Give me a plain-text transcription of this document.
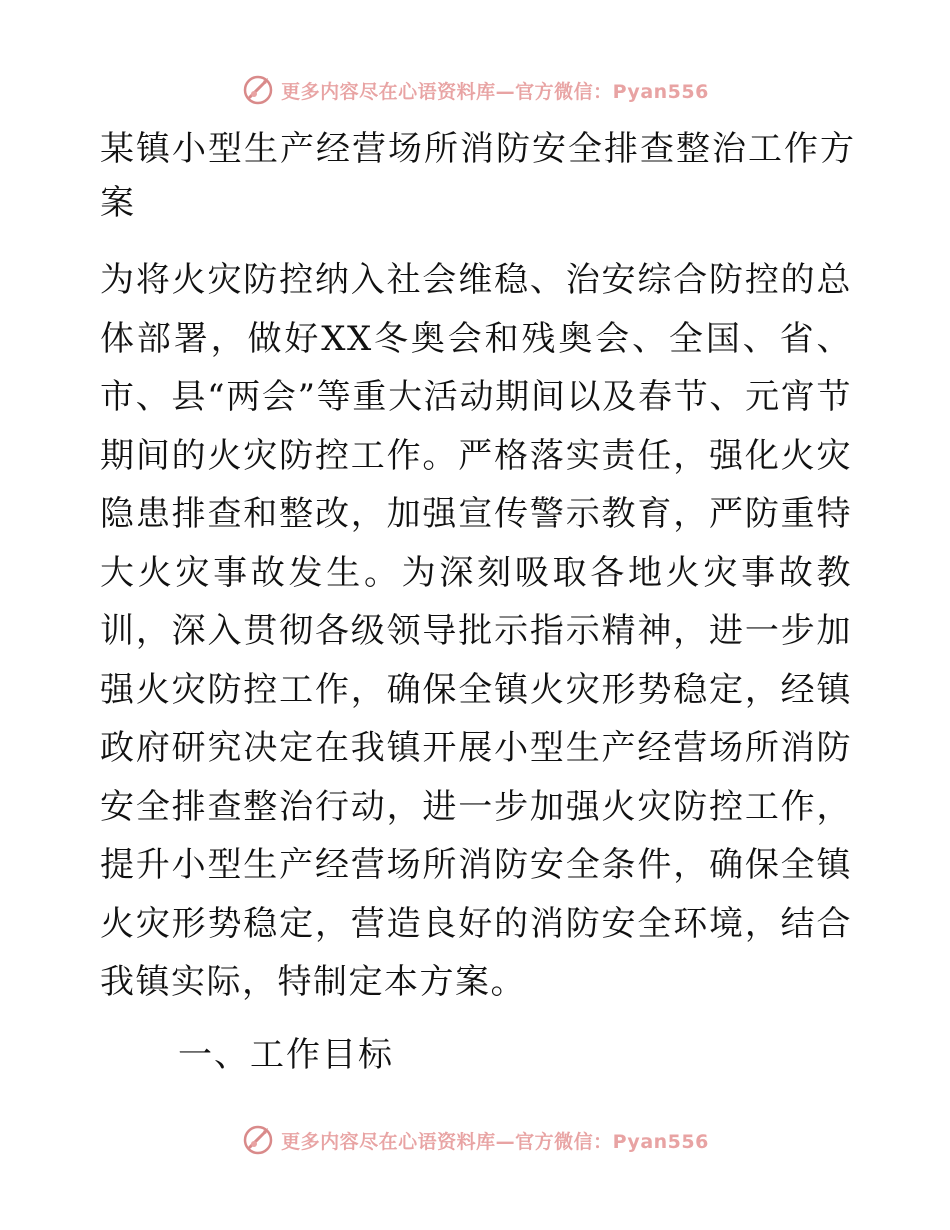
更多内容尽在心语资料库—官方微信：Pyan556
某镇小型生产经营场所消防安全排查整治工作方案

为将火灾防控纳入社会维稳、治安综合防控的总体部署，做好XX冬奥会和残奥会、全国、省、市、县“两会”等重大活动期间以及春节、元宵节期间的火灾防控工作。严格落实责任，强化火灾隐患排查和整改，加强宣传警示教育，严防重特大火灾事故发生。为深刻吸取各地火灾事故教训，深入贯彻各级领导批示指示精神，进一步加强火灾防控工作，确保全镇火灾形势稳定，经镇政府研究决定在我镇开展小型生产经营场所消防安全排查整治行动，进一步加强火灾防控工作，提升小型生产经营场所消防安全条件，确保全镇火灾形势稳定，营造良好的消防安全环境，结合我镇实际，特制定本方案。

一、工作目标
更多内容尽在心语资料库—官方微信：Pyan556
